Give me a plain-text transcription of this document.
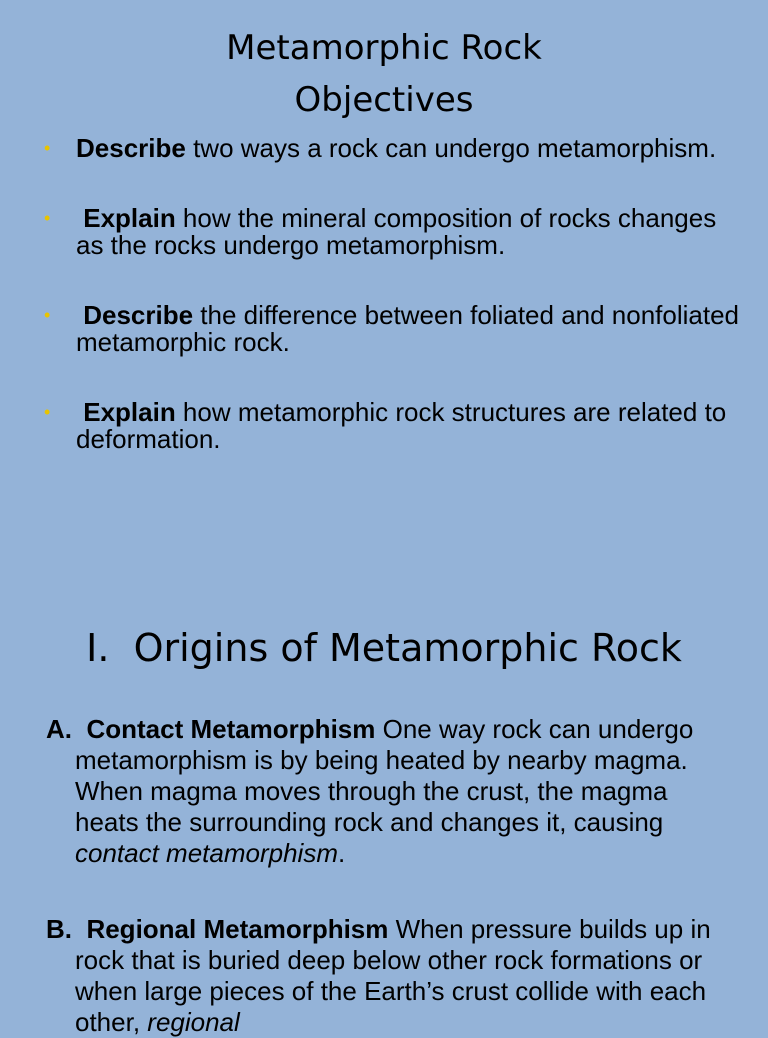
Metamorphic Rock
Objectives
• Describe two ways a rock can undergo metamorphism.
• Explain how the mineral composition of rocks changes as the rocks undergo metamorphism.
• Describe the difference between foliated and nonfoliated metamorphic rock.
• Explain how metamorphic rock structures are related to deformation.
I.  Origins of Metamorphic Rock
A.  Contact Metamorphism One way rock can undergo metamorphism is by being heated by nearby magma. When magma moves through the crust, the magma heats the surrounding rock and changes it, causing contact metamorphism.
B.  Regional Metamorphism When pressure builds up in rock that is buried deep below other rock formations or when large pieces of the Earth’s crust collide with each other, regional
